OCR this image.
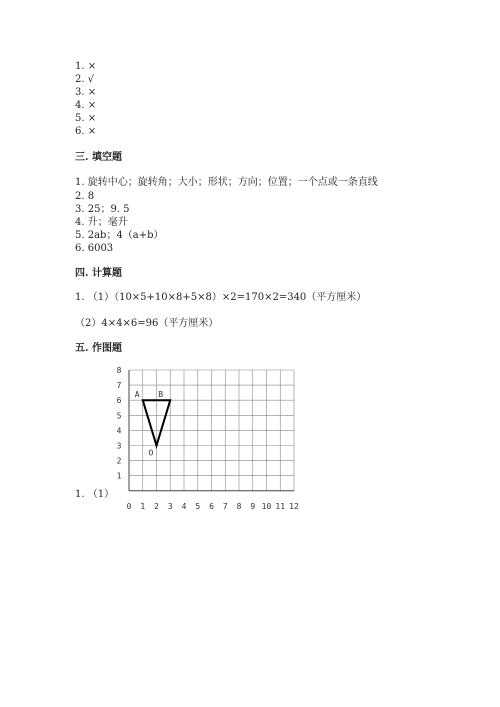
1. ×
2. √
3. ×
4. ×
5. ×
6. ×
三. 填空题
1. 旋转中心；旋转角；大小；形状；方向；位置；一个点或一条直线
2. 8
3. 25；9. 5
4. 升；毫升
5. 2ab；4（a+b）
6. 6003
四. 计算题
1. （1）（10×5+10×8+5×8）×2=170×2=340（平方厘米）
（2）4×4×6=96（平方厘米）
五. 作图题
1. （1）
0 1 2 3 4 5 6 7 8 9 10 11 12
1
2
3
4
5
6
7
8
A B
O
